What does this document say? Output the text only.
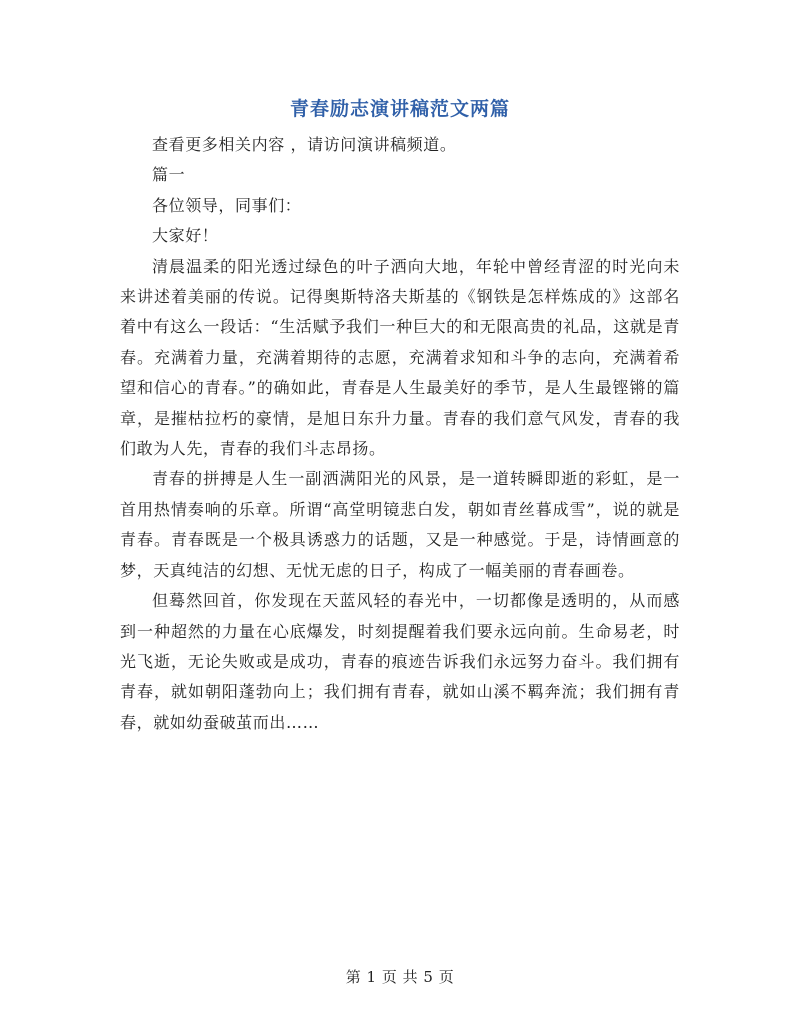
青春励志演讲稿范文两篇

查看更多相关内容 ，请访问演讲稿频道。

篇一

各位领导，同事们：

大家好！

清晨温柔的阳光透过绿色的叶子洒向大地，年轮中曾经青涩的时光向未来讲述着美丽的传说。记得奥斯特洛夫斯基的《钢铁是怎样炼成的》这部名着中有这么一段话：“生活赋予我们一种巨大的和无限高贵的礼品，这就是青春。充满着力量，充满着期待的志愿，充满着求知和斗争的志向，充满着希望和信心的青春。”的确如此，青春是人生最美好的季节，是人生最铿锵的篇章，是摧枯拉朽的豪情，是旭日东升力量。青春的我们意气风发，青春的我们敢为人先，青春的我们斗志昂扬。

青春的拼搏是人生一副洒满阳光的风景，是一道转瞬即逝的彩虹，是一首用热情奏响的乐章。所谓“高堂明镜悲白发，朝如青丝暮成雪”，说的就是青春。青春既是一个极具诱惑力的话题，又是一种感觉。于是，诗情画意的梦，天真纯洁的幻想、无忧无虑的日子，构成了一幅美丽的青春画卷。

但蓦然回首，你发现在天蓝风轻的春光中，一切都像是透明的，从而感到一种超然的力量在心底爆发，时刻提醒着我们要永远向前。生命易老，时光飞逝，无论失败或是成功，青春的痕迹告诉我们永远努力奋斗。我们拥有青春，就如朝阳蓬勃向上；我们拥有青春，就如山溪不羁奔流；我们拥有青春，就如幼蚕破茧而出……

第 1 页 共 5 页
